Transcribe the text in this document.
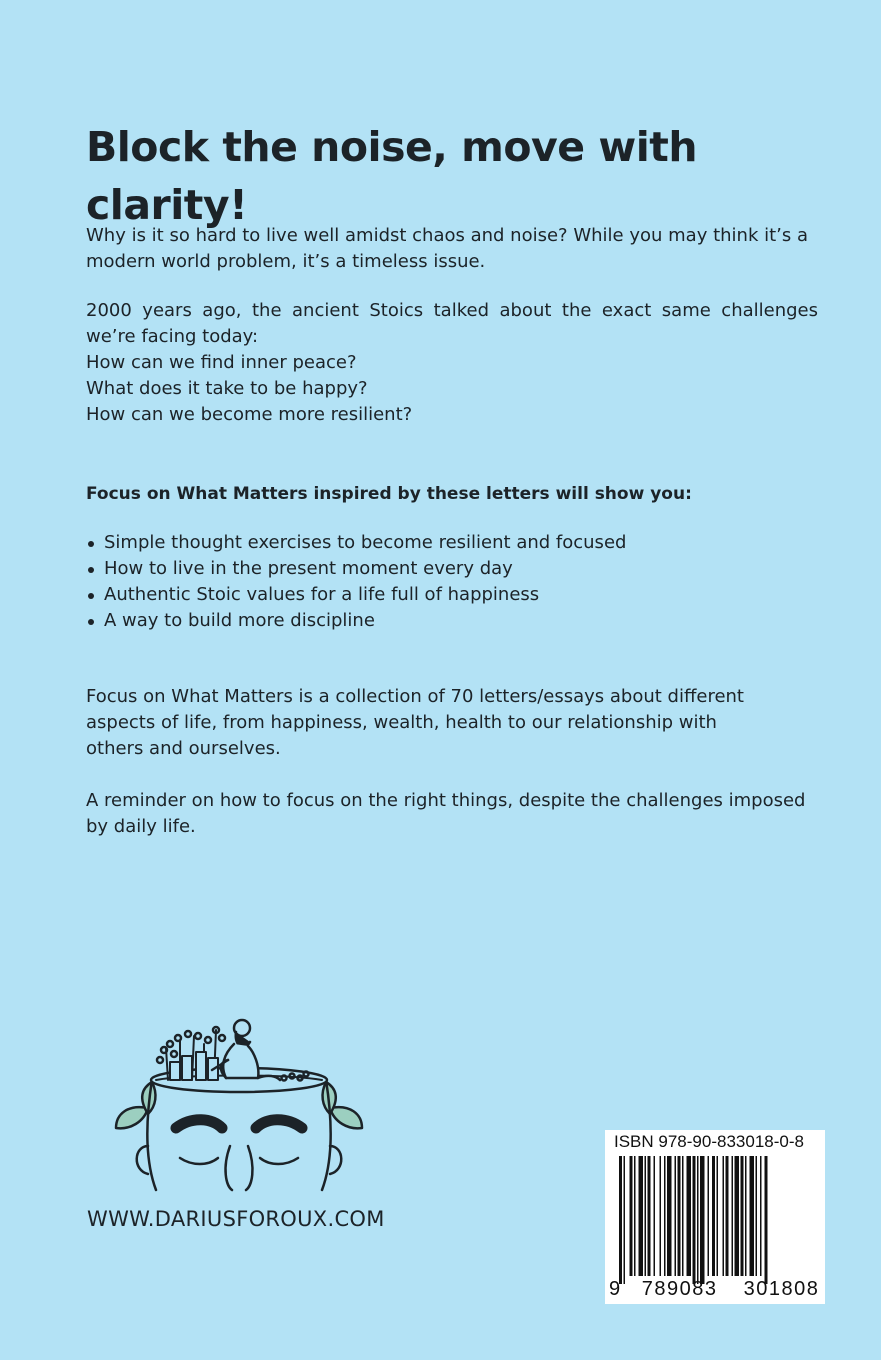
Block the noise, move with clarity!

Why is it so hard to live well amidst chaos and noise? While you may think it’s a
modern world problem, it’s a timeless issue.

2000 years ago, the ancient Stoics talked about the exact same challenges
we’re facing today:
How can we find inner peace?
What does it take to be happy?
How can we become more resilient?

Focus on What Matters inspired by these letters will show you:

Simple thought exercises to become resilient and focused
How to live in the present moment every day
Authentic Stoic values for a life full of happiness
A way to build more discipline

Focus on What Matters is a collection of 70 letters/essays about different
aspects of life, from happiness, wealth, health to our relationship with
others and ourselves.

A reminder on how to focus on the right things, despite the challenges imposed
by daily life.

WWW.DARIUSFOROUX.COM
ISBN 978-90-833018-0-8
9 789083 301808
